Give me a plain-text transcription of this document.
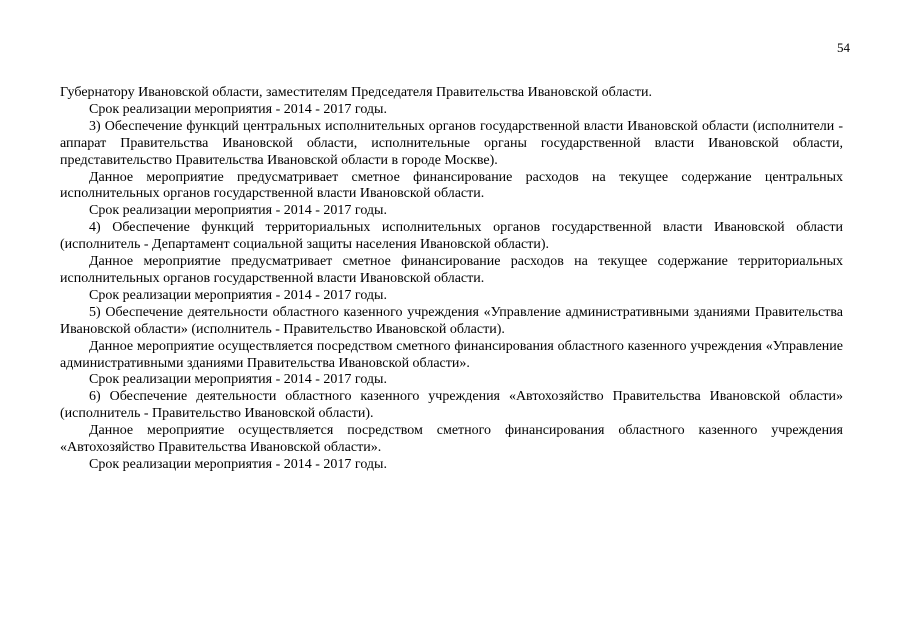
54

Губернатору Ивановской области, заместителям Председателя Правительства Ивановской области.

Срок реализации мероприятия - 2014 - 2017 годы.

3) Обеспечение функций центральных исполнительных органов государственной власти Ивановской области (исполнители - аппарат Правительства Ивановской области, исполнительные органы государственной власти Ивановской области, представительство Правительства Ивановской области в городе Москве).

Данное мероприятие предусматривает сметное финансирование расходов на текущее содержание центральных исполнительных органов государственной власти Ивановской области.

Срок реализации мероприятия - 2014 - 2017 годы.

4) Обеспечение функций территориальных исполнительных органов государственной власти Ивановской области (исполнитель - Департамент социальной защиты населения Ивановской области).

Данное мероприятие предусматривает сметное финансирование расходов на текущее содержание территориальных исполнительных органов государственной власти Ивановской области.

Срок реализации мероприятия - 2014 - 2017 годы.

5) Обеспечение деятельности областного казенного учреждения «Управление административными зданиями Правительства Ивановской области» (исполнитель - Правительство Ивановской области).

Данное мероприятие осуществляется посредством сметного финансирования областного казенного учреждения «Управление административными зданиями Правительства Ивановской области».

Срок реализации мероприятия - 2014 - 2017 годы.

6) Обеспечение деятельности областного казенного учреждения «Автохозяйство Правительства Ивановской области» (исполнитель - Правительство Ивановской области).

Данное мероприятие осуществляется посредством сметного финансирования областного казенного учреждения «Автохозяйство Правительства Ивановской области».

Срок реализации мероприятия - 2014 - 2017 годы.
